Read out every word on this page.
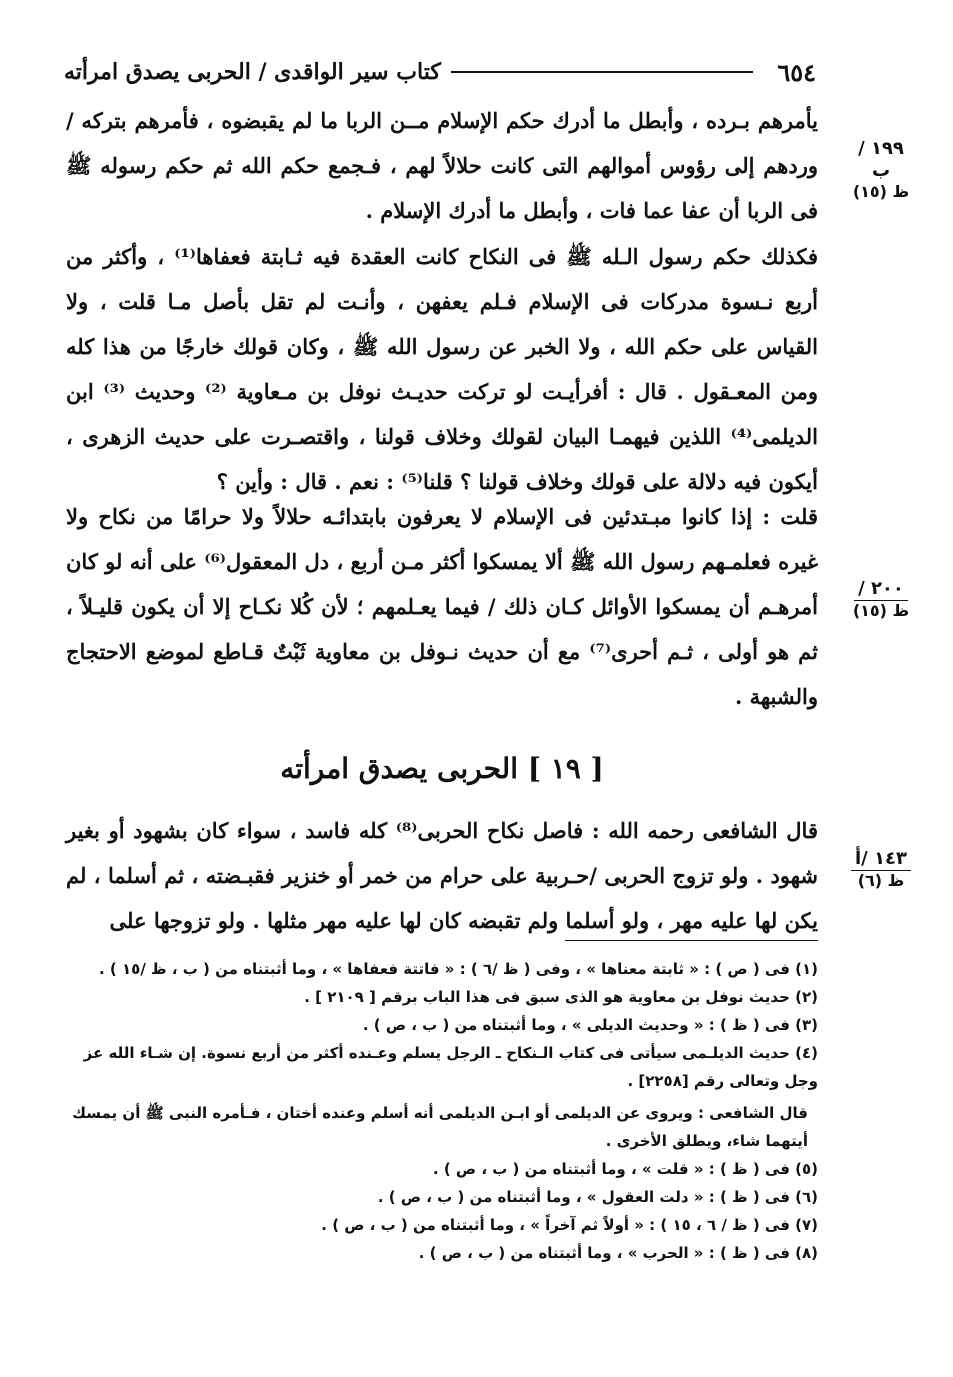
٦٥٤
كتاب سير الواقدى / الحربى يصدق امرأته
١٩٩ / ب
ظ (١٥)
٢٠٠ /
ظ (١٥)
١٤٣ /أ
ظ (٦)
يأمرهم بـرده ، وأبطل ما أدرك حكم الإسلام مــن الربا ما لم يقبضوه ، فأمرهم بتركه / وردهم إلى رؤوس أموالهم التى كانت حلالاً لهم ، فـجمع حكم الله ثم حكم رسوله ﷺ فى الربا أن عفا عما فات ، وأبطل ما أدرك الإسلام .
فكذلك حكم رسول الـله ﷺ فى النكاح كانت العقدة فيه ثـابتة فعفاها⁽¹⁾ ، وأكثر من أربع نـسوة مدركات فى الإسلام فـلم يعفهن ، وأنـت لم تقل بأصل مـا قلت ، ولا القياس على حكم الله ، ولا الخبر عن رسول الله ﷺ ، وكان قولك خارجًا من هذا كله ومن المعـقول . قال : أفرأيـت لو تركت حديـث نوفل بن مـعاوية ⁽²⁾ وحديث ⁽³⁾ ابن الديلمى⁽⁴⁾ اللذين فيهمـا البيان لقولك وخلاف قولنا ، واقتصـرت على حديث الزهرى ، أيكون فيه دلالة على قولك وخلاف قولنا ؟ قلنا⁽⁵⁾ : نعم . قال : وأين ؟
قلت : إذا كانوا مبـتدئين فى الإسلام لا يعرفون بابتدائـه حلالاً ولا حرامًا من نكاح ولا غيره فعلمـهم رسول الله ﷺ ألا يمسكوا أكثر مـن أربع ، دل المعقول⁽⁶⁾ على أنه لو كان أمرهـم أن يمسكوا الأوائل كـان ذلك / فيما يعـلمهم ؛ لأن كُلا نكـاح إلا أن يكون قليـلاً ، ثم هو أولى ، ثـم أحرى⁽⁷⁾ مع أن حديث نـوفل بن معاوية ثَبْتٌ قـاطع لموضع الاحتجاج والشبهة .
[ ١٩ ] الحربى يصدق امرأته
قال الشافعى رحمه الله : فاصل نكاح الحربى⁽⁸⁾ كله فاسد ، سواء كان بشهود أو بغير شهود . ولو تزوج الحربى /حـربية على حرام من خمر أو خنزير فقبـضته ، ثم أسلما ، لم يكن لها عليه مهر ، ولو أسلما ولم تقبضه كان لها عليه مهر مثلها . ولو تزوجها على
(١) فى ( ص ) : « ثابتة معناها » ، وفى ( ظ /٦ ) : « فاتتة فعفاها » ، وما أثبتناه من ( ب ، ظ /١٥ ) .
(٢) حديث نوفل بن معاوية هو الذى سبق فى هذا الباب برقم [ ٢١٠٩ ] .
(٣) فى ( ظ ) : « وحديث الديلى » ، وما أثبتناه من ( ب ، ص ) .
(٤) حديث الديلـمى سيأتى فى كتاب الـنكاح ـ الرجل يسلم وعـنده أكثر من أربع نسوة. إن شـاء الله عز وجل وتعالى رقم [٢٢٥٨] .
قال الشافعى : ويروى عن الديلمى أو ابـن الديلمى أنه أسلم وعنده أختان ، فـأمره النبى ﷺ أن يمسك أيتهما شاء، ويطلق الأخرى .
(٥) فى ( ظ ) : « قلت » ، وما أثبتناه من ( ب ، ص ) .
(٦) فى ( ظ ) : « دلت العقول » ، وما أثبتناه من ( ب ، ص ) .
(٧) فى ( ظ / ٦ ، ١٥ ) : « أولاً ثم آخراً » ، وما أثبتناه من ( ب ، ص ) .
(٨) فى ( ظ ) : « الحرب » ، وما أثبتناه من ( ب ، ص ) .
